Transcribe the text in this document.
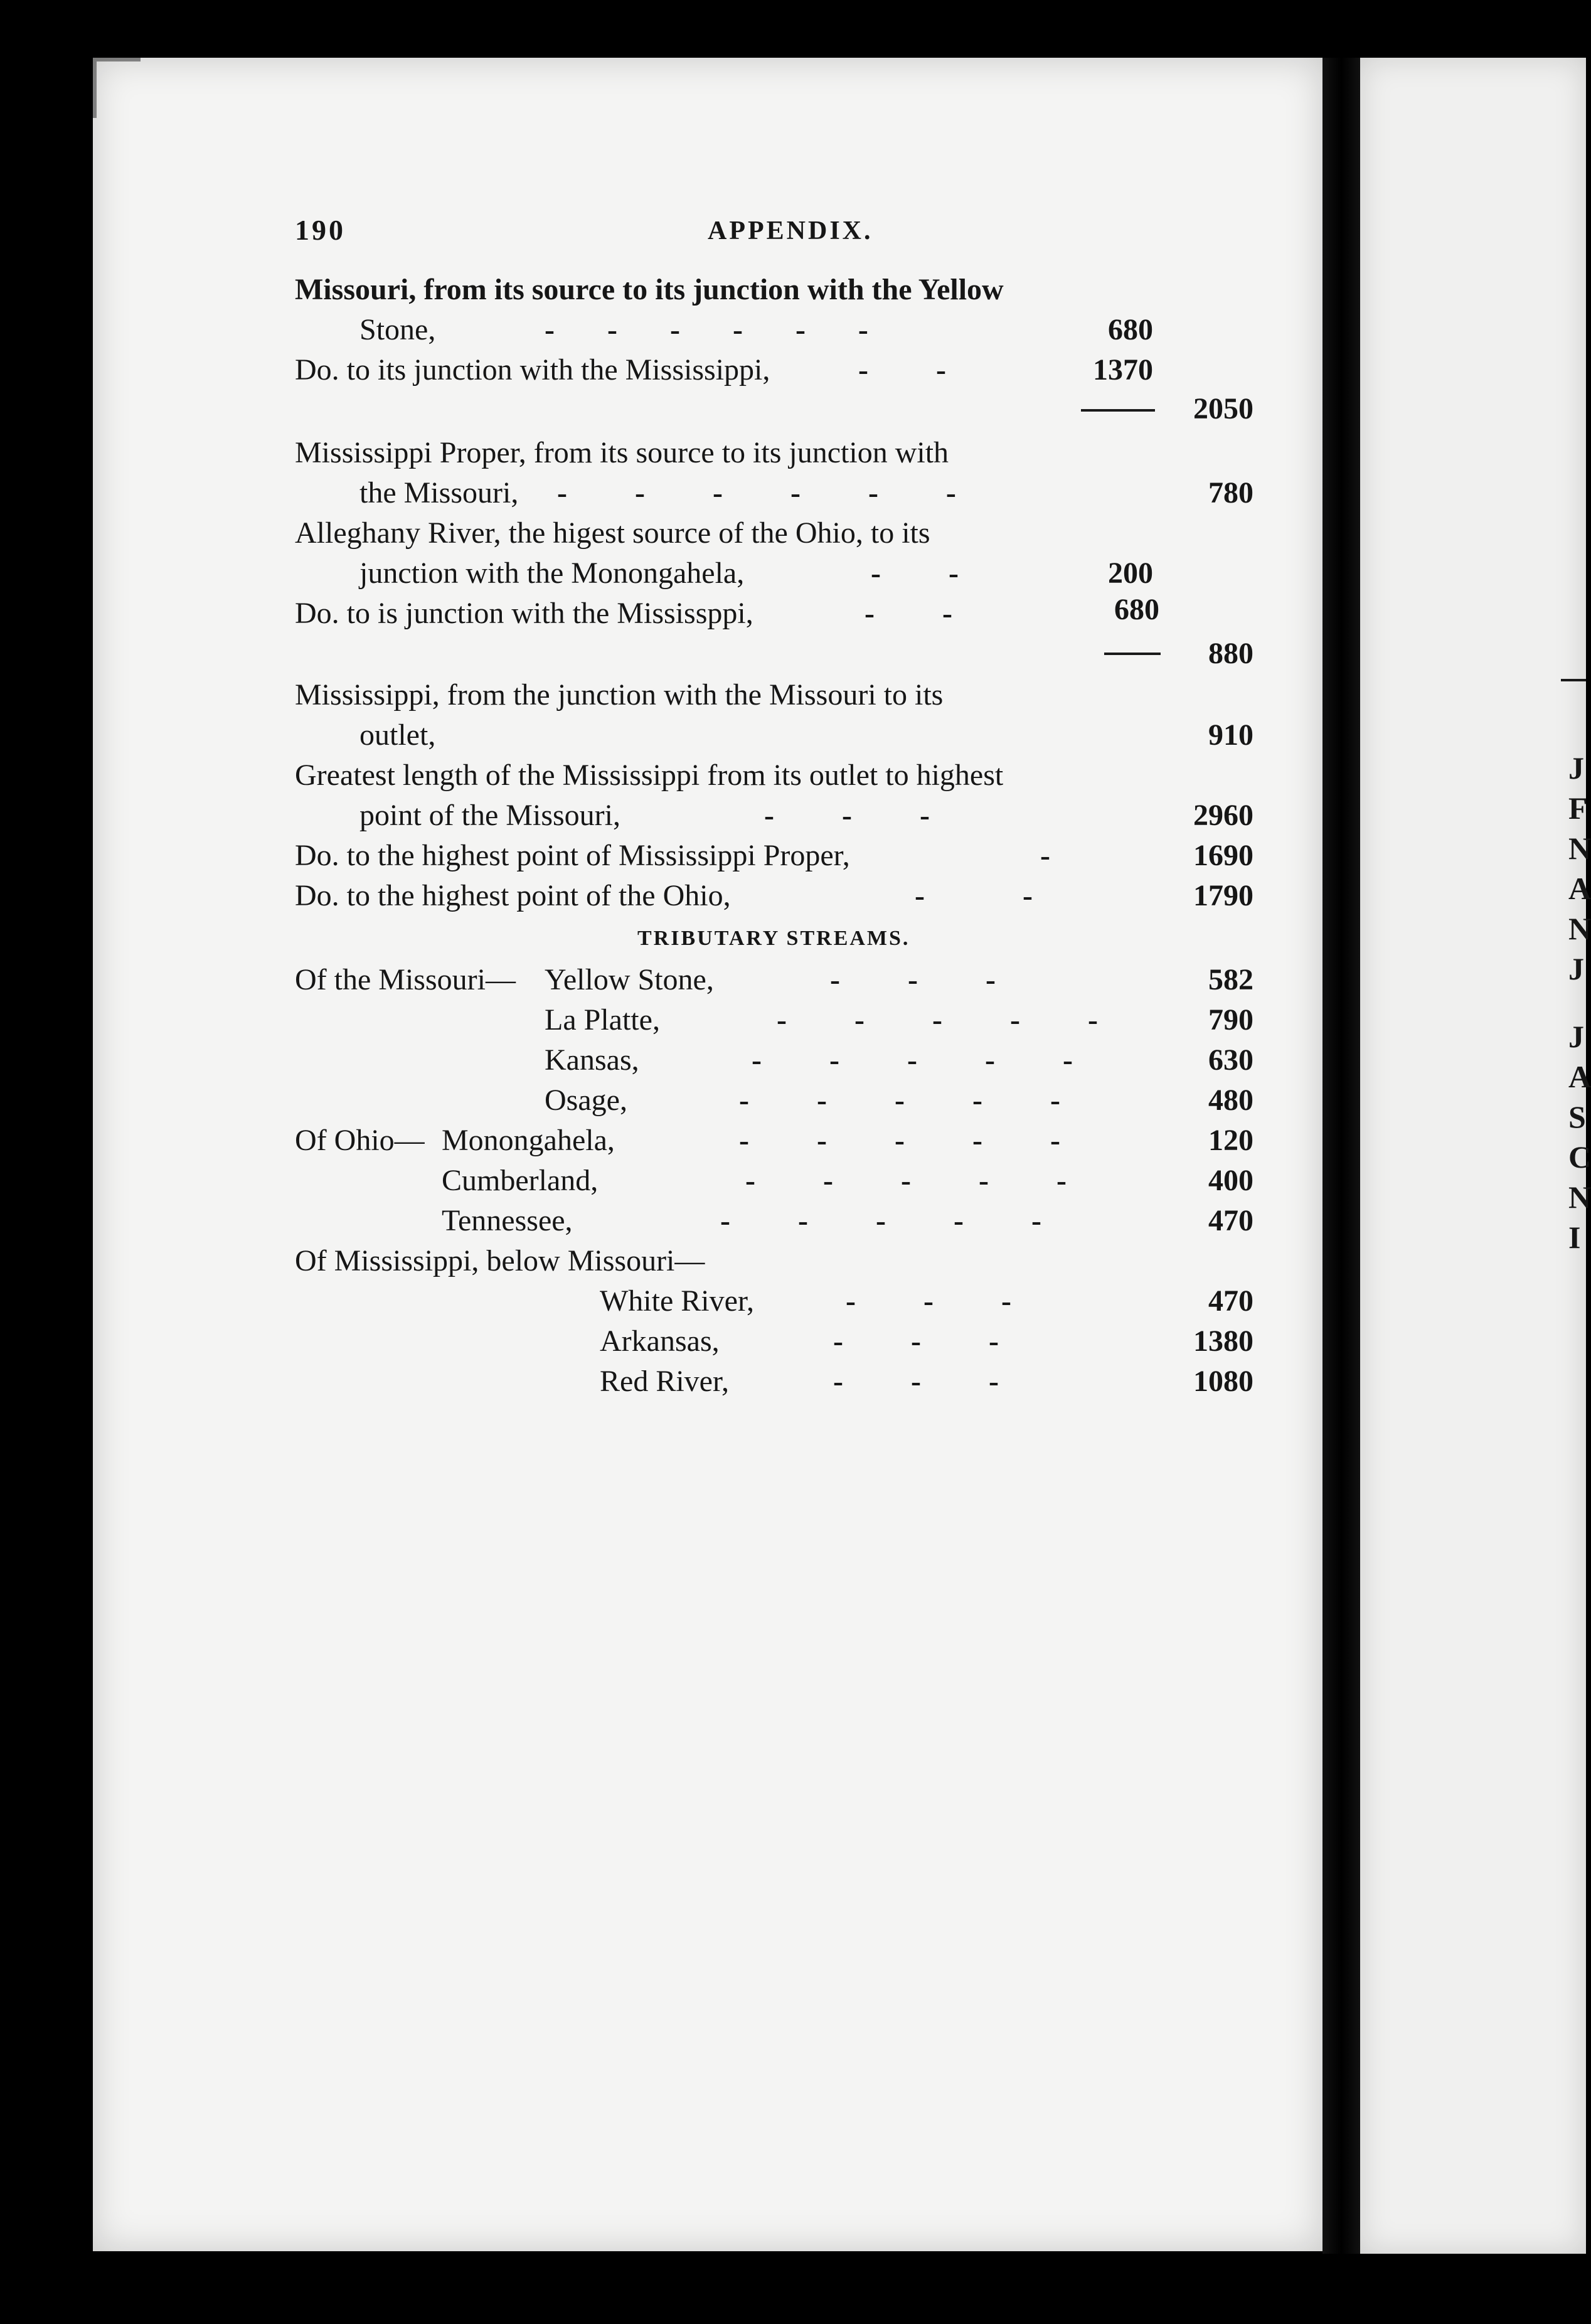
190	APPENDIX.
Missouri, from its source to its junction with the Yellow
Stone,	-       -       -       -       -       -	680
Do. to its junction with the Mississippi,	-         -	1370
2050
Mississippi Proper, from its source to its junction with
the Missouri, -         -         -         -         -         -	780
Alleghany River, the higest source of the Ohio, to its
junction with the Monongahela,	-         -	200
Do. to is junction with the Mississppi,	-         -	680
880
Mississippi, from the junction with the Missouri to its
outlet,	910
Greatest length of the Mississippi from its outlet to highest
point of the Missouri,	-         -         -	2960
Do. to the highest point of Mississippi Proper,	-	1690
Do. to the highest point of the Ohio,	-             -	1790
TRIBUTARY STREAMS.
Of the Missouri— Yellow Stone,	-         -         -	582
La Platte,	-         -         -         -         -	790
Kansas,	-         -         -         -         -	630
Osage,	-         -         -         -         -	480
Of Ohio— Monongahela,	-         -         -         -         -	120
Cumberland,	-         -         -         -         -	400
Tennessee,	-         -         -         -         -	470
Of Mississippi, below Missouri—
White River,	-         -         -	470
Arkansas,	-         -         -	1380
Red River,	-         -         -	1080
J
F
N
A
N
J
J
A
S
C
N
I
